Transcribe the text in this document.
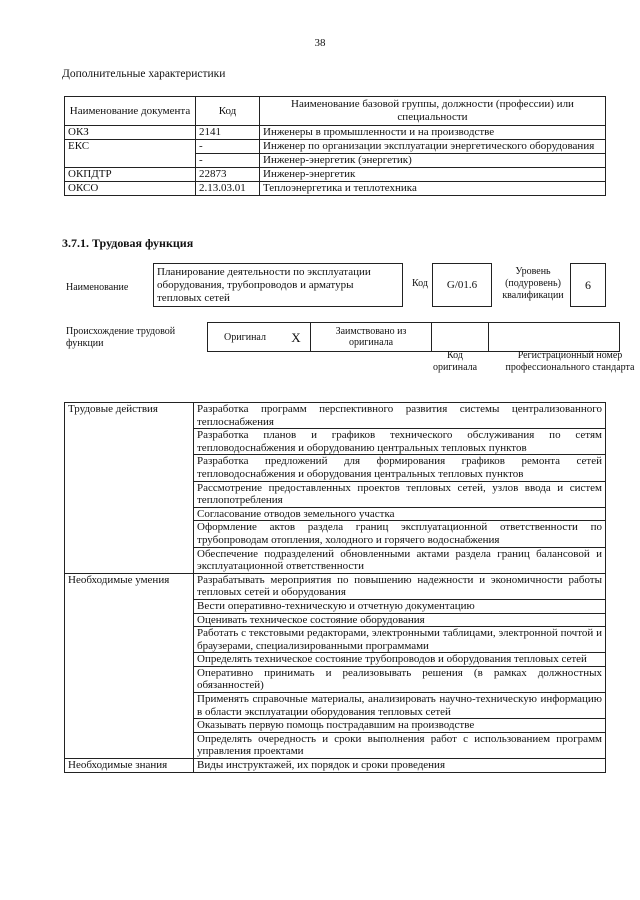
38
Дополнительные характеристики
Наименование документа	Код	Наименование базовой группы, должности (профессии) или специальности
ОКЗ	2141	Инженеры в промышленности и на производстве
ЕКС	-	Инженер по организации эксплуатации энергетического оборудования
	-	Инженер-энергетик (энергетик)
ОКПДТР	22873	Инженер-энергетик
ОКСО	2.13.03.01	Теплоэнергетика и теплотехника
3.7.1. Трудовая функция
Наименование
Планирование деятельности по эксплуатации оборудования, трубопроводов и арматуры тепловых сетей
Код	G/01.6
Уровень (подуровень) квалификации
6
Происхождение трудовой функции
Оригинал	X	Заимствовано из оригинала		
Код оригинала
Регистрационный номер профессионального стандарта
Трудовые действия	Разработка программ перспективного развития системы централизованного теплоснабжения
	Разработка планов и графиков технического обслуживания по сетям тепловодоснабжения и оборудованию центральных тепловых пунктов
	Разработка предложений для формирования графиков ремонта сетей тепловодоснабжения и оборудования центральных тепловых пунктов
	Рассмотрение предоставленных проектов тепловых сетей, узлов ввода и систем теплопотребления
	Согласование отводов земельного участка
	Оформление актов раздела границ эксплуатационной ответственности по трубопроводам отопления, холодного и горячего водоснабжения
	Обеспечение подразделений обновленными актами раздела границ балансовой и эксплуатационной ответственности
Необходимые умения	Разрабатывать мероприятия по повышению надежности и экономичности работы тепловых сетей и оборудования
	Вести оперативно-техническую и отчетную документацию
	Оценивать техническое состояние оборудования
	Работать с текстовыми редакторами, электронными таблицами, электронной почтой и браузерами, специализированными программами
	Определять техническое состояние трубопроводов и оборудования тепловых сетей
	Оперативно принимать и реализовывать решения (в рамках должностных обязанностей)
	Применять справочные материалы, анализировать научно-техническую информацию в области эксплуатации оборудования тепловых сетей
	Оказывать первую помощь пострадавшим на производстве
	Определять очередность и сроки выполнения работ с использованием программ управления проектами
Необходимые знания	Виды инструктажей, их порядок и сроки проведения
